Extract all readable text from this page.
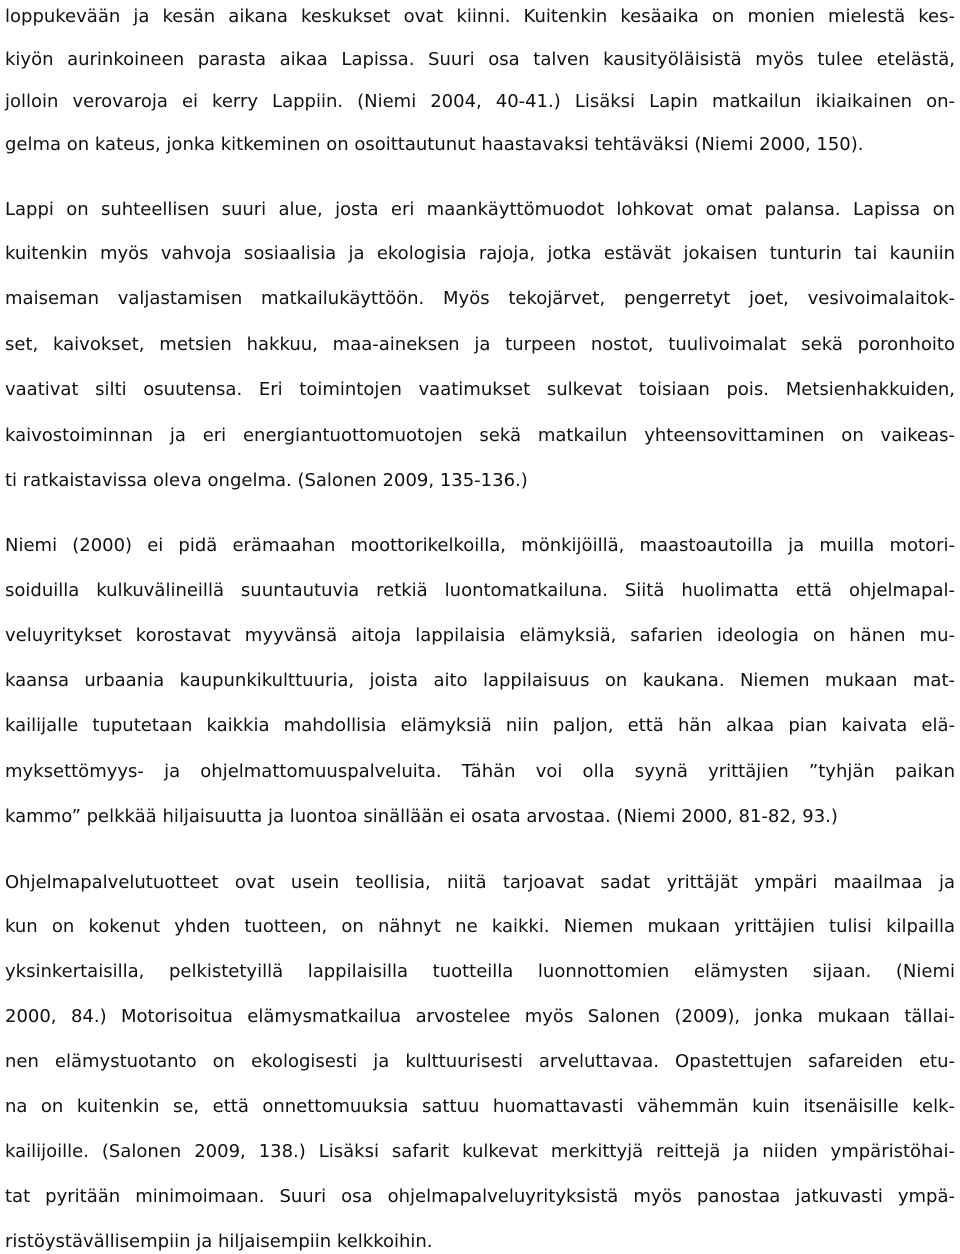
loppukevään ja kesän aikana keskukset ovat kiinni. Kuitenkin kesäaika on monien mielestä kes-

kiyön aurinkoineen parasta aikaa Lapissa. Suuri osa talven kausityöläisistä myös tulee etelästä,

jolloin verovaroja ei kerry Lappiin. (Niemi 2004, 40-41.) Lisäksi Lapin matkailun ikiaikainen on-

gelma on kateus, jonka kitkeminen on osoittautunut haastavaksi tehtäväksi (Niemi 2000, 150).

Lappi on suhteellisen suuri alue, josta eri maankäyttömuodot lohkovat omat palansa. Lapissa on

kuitenkin myös vahvoja sosiaalisia ja ekologisia rajoja, jotka estävät jokaisen tunturin tai kauniin

maiseman valjastamisen matkailukäyttöön. Myös tekojärvet, pengerretyt joet, vesivoimalaitok-

set, kaivokset, metsien hakkuu, maa-aineksen ja turpeen nostot, tuulivoimalat sekä poronhoito

vaativat silti osuutensa. Eri toimintojen vaatimukset sulkevat toisiaan pois. Metsienhakkuiden,

kaivostoiminnan ja eri energiantuottomuotojen sekä matkailun yhteensovittaminen on vaikeas-

ti ratkaistavissa oleva ongelma. (Salonen 2009, 135-136.)

Niemi (2000) ei pidä erämaahan moottorikelkoilla, mönkijöillä, maastoautoilla ja muilla motori-

soiduilla kulkuvälineillä suuntautuvia retkiä luontomatkailuna. Siitä huolimatta että ohjelmapal-

veluyritykset korostavat myyvänsä aitoja lappilaisia elämyksiä, safarien ideologia on hänen mu-

kaansa urbaania kaupunkikulttuuria, joista aito lappilaisuus on kaukana. Niemen mukaan mat-

kailijalle tuputetaan kaikkia mahdollisia elämyksiä niin paljon, että hän alkaa pian kaivata elä-

myksettömyys- ja ohjelmattomuuspalveluita. Tähän voi olla syynä yrittäjien ”tyhjän paikan

kammo” pelkkää hiljaisuutta ja luontoa sinällään ei osata arvostaa. (Niemi 2000, 81-82, 93.)

Ohjelmapalvelutuotteet ovat usein teollisia, niitä tarjoavat sadat yrittäjät ympäri maailmaa ja

kun on kokenut yhden tuotteen, on nähnyt ne kaikki. Niemen mukaan yrittäjien tulisi kilpailla

yksinkertaisilla, pelkistetyillä lappilaisilla tuotteilla luonnottomien elämysten sijaan. (Niemi

2000, 84.) Motorisoitua elämysmatkailua arvostelee myös Salonen (2009), jonka mukaan tällai-

nen elämystuotanto on ekologisesti ja kulttuurisesti arveluttavaa. Opastettujen safareiden etu-

na on kuitenkin se, että onnettomuuksia sattuu huomattavasti vähemmän kuin itsenäisille kelk-

kailijoille. (Salonen 2009, 138.) Lisäksi safarit kulkevat merkittyjä reittejä ja niiden ympäristöhai-

tat pyritään minimoimaan. Suuri osa ohjelmapalveluyrityksistä myös panostaa jatkuvasti ympä-

ristöystävällisempiin ja hiljaisempiin kelkkoihin.
